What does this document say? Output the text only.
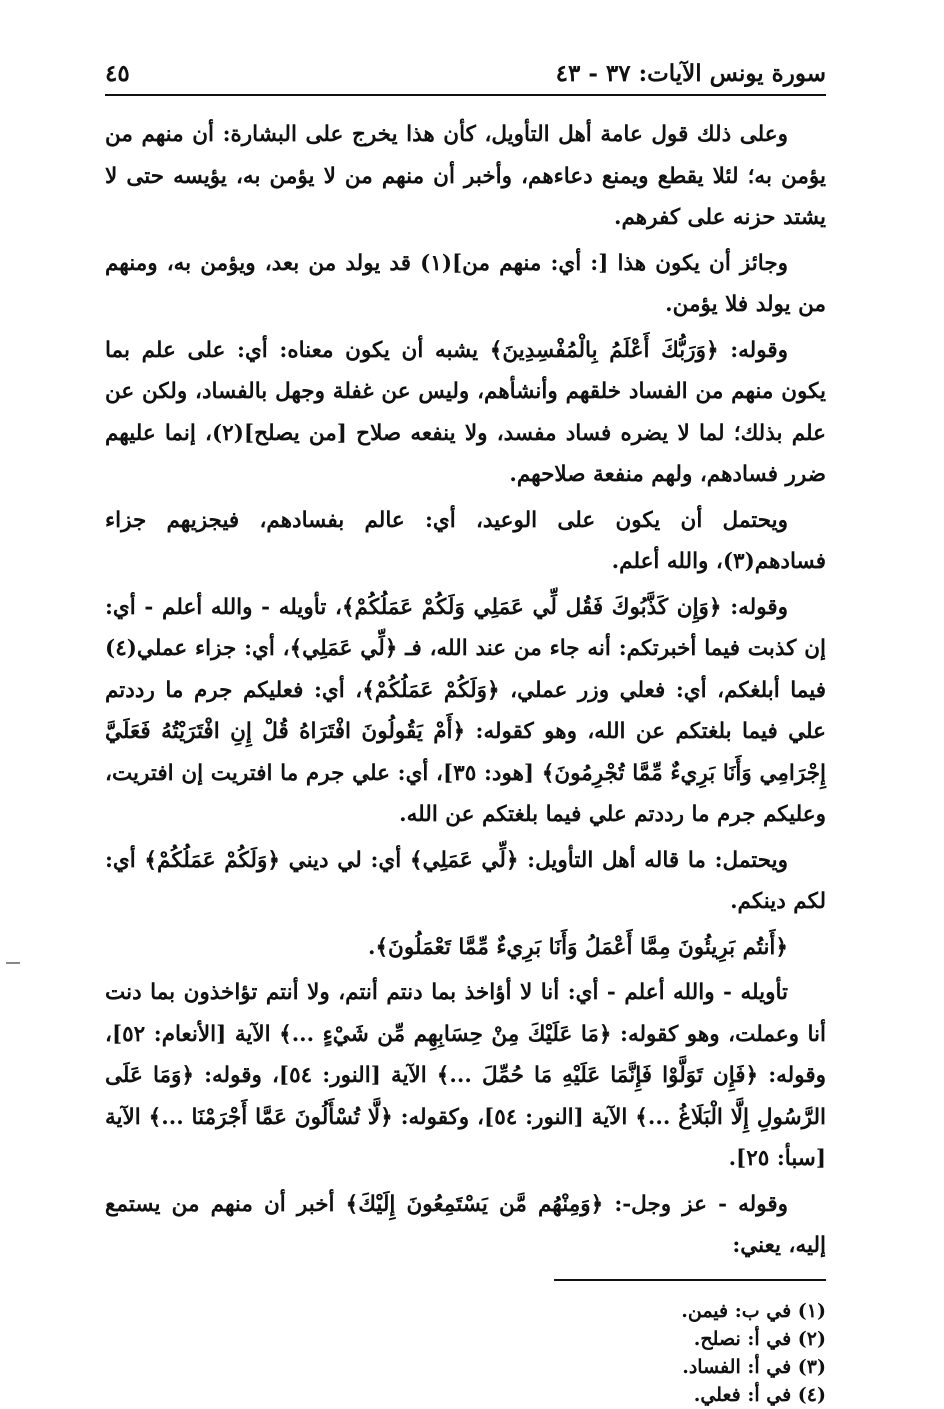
سورة يونس الآيات: ٣٧ - ٤٣
٤٥

وعلى ذلك قول عامة أهل التأويل، كأن هذا يخرج على البشارة: أن منهم من يؤمن به؛ لئلا يقطع ويمنع دعاءهم، وأخبر أن منهم من لا يؤمن به، يؤيسه حتى لا يشتد حزنه على كفرهم.

وجائز أن يكون هذا [: أي: منهم من](١) قد يولد من بعد، ويؤمن به، ومنهم من يولد فلا يؤمن.

وقوله: ﴿وَرَبُّكَ أَعْلَمُ بِالْمُفْسِدِينَ﴾ يشبه أن يكون معناه: أي: على علم بما يكون منهم من الفساد خلقهم وأنشأهم، وليس عن غفلة وجهل بالفساد، ولكن عن علم بذلك؛ لما لا يضره فساد مفسد، ولا ينفعه صلاح [من يصلح](٢)، إنما عليهم ضرر فسادهم، ولهم منفعة صلاحهم.

ويحتمل أن يكون على الوعيد، أي: عالم بفسادهم، فيجزيهم جزاء فسادهم(٣)، والله أعلم.

وقوله: ﴿وَإِن كَذَّبُوكَ فَقُل لِّي عَمَلِي وَلَكُمْ عَمَلُكُمْ﴾، تأويله - والله أعلم - أي: إن كذبت فيما أخبرتكم: أنه جاء من عند الله، فـ ﴿لِّي عَمَلِي﴾، أي: جزاء عملي(٤) فيما أبلغكم، أي: فعلي وزر عملي، ﴿وَلَكُمْ عَمَلُكُمْ﴾، أي: فعليكم جرم ما رددتم علي فيما بلغتكم عن الله، وهو كقوله: ﴿أَمْ يَقُولُونَ افْتَرَاهُ قُلْ إِنِ افْتَرَيْتُهُ فَعَلَيَّ إِجْرَامِي وَأَنَا بَرِيءٌ مِّمَّا تُجْرِمُونَ﴾ [هود: ٣٥]، أي: علي جرم ما افتريت إن افتريت، وعليكم جرم ما رددتم علي فيما بلغتكم عن الله.

ويحتمل: ما قاله أهل التأويل: ﴿لِّي عَمَلِي﴾ أي: لي ديني ﴿وَلَكُمْ عَمَلُكُمْ﴾ أي: لكم دينكم.

﴿أَنتُم بَرِيئُونَ مِمَّا أَعْمَلُ وَأَنَا بَرِيءٌ مِّمَّا تَعْمَلُونَ﴾.

تأويله - والله أعلم - أي: أنا لا أؤاخذ بما دنتم أنتم، ولا أنتم تؤاخذون بما دنت أنا وعملت، وهو كقوله: ﴿مَا عَلَيْكَ مِنْ حِسَابِهِم مِّن شَيْءٍ ...﴾ الآية [الأنعام: ٥٢]، وقوله: ﴿فَإِن تَوَلَّوْا فَإِنَّمَا عَلَيْهِ مَا حُمِّلَ ...﴾ الآية [النور: ٥٤]، وقوله: ﴿وَمَا عَلَى الرَّسُولِ إِلَّا الْبَلَاغُ ...﴾ الآية [النور: ٥٤]، وكقوله: ﴿لَّا تُسْأَلُونَ عَمَّا أَجْرَمْنَا ...﴾ الآية [سبأ: ٢٥].

وقوله - عز وجل-: ﴿وَمِنْهُم مَّن يَسْتَمِعُونَ إِلَيْكَ﴾ أخبر أن منهم من يستمع إليه، يعني:

(١) في ب: فيمن.
(٢) في أ: نصلح.
(٣) في أ: الفساد.
(٤) في أ: فعلي.
